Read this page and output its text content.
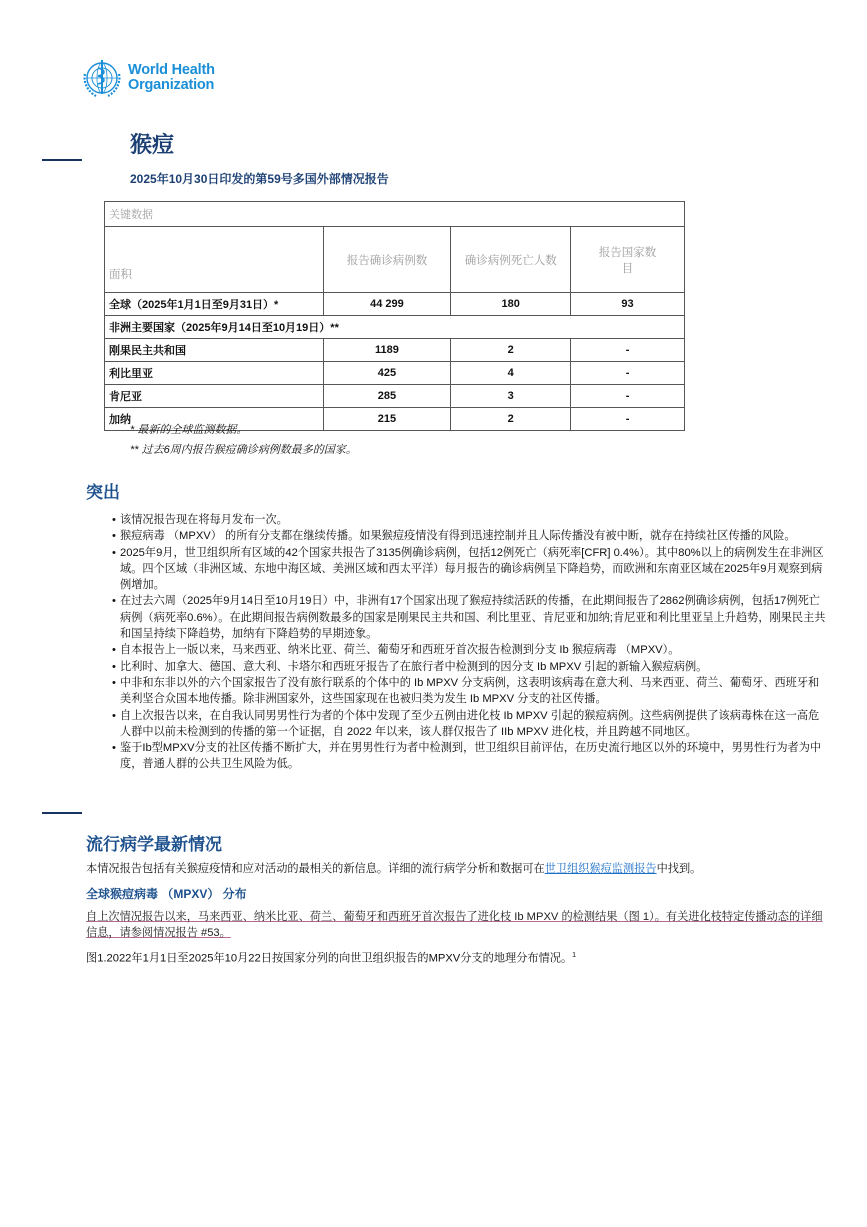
World Health
Organization
猴痘
2025年10月30日印发的第59号多国外部情况报告
关键数据			
面积	报告确诊病例数	确诊病例死亡人数	报告国家数目
全球（2025年1月1日至9月31日）*	44 299	180	93
非洲主要国家（2025年9月14日至10月19日）**			
刚果民主共和国	1189	2	-
利比里亚	425	4	-
肯尼亚	285	3	-
加纳	215	2	-
* 最新的全球监测数据。
** 过去6周内报告猴痘确诊病例数最多的国家。
突出
• 该情况报告现在将每月发布一次。
• 猴痘病毒 （MPXV） 的所有分支都在继续传播。如果猴痘疫情没有得到迅速控制并且人际传播没有被中断，就存在持续社区传播的风险。
• 2025年9月，世卫组织所有区域的42个国家共报告了3135例确诊病例，包括12例死亡（病死率[CFR] 0.4%）。其中80%以上的病例发生在非洲区域。四个区域（非洲区域、东地中海区域、美洲区域和西太平洋）每月报告的确诊病例呈下降趋势，而欧洲和东南亚区域在2025年9月观察到病例增加。
• 在过去六周（2025年9月14日至10月19日）中，非洲有17个国家出现了猴痘持续活跃的传播，在此期间报告了2862例确诊病例，包括17例死亡病例（病死率0.6%）。在此期间报告病例数最多的国家是刚果民主共和国、利比里亚、肯尼亚和加纳;肯尼亚和利比里亚呈上升趋势，刚果民主共和国呈持续下降趋势，加纳有下降趋势的早期迹象。
• 自本报告上一版以来，马来西亚、纳米比亚、荷兰、葡萄牙和西班牙首次报告检测到分支 Ib 猴痘病毒 （MPXV）。
• 比利时、加拿大、德国、意大利、卡塔尔和西班牙报告了在旅行者中检测到的因分支 Ib MPXV 引起的新输入猴痘病例。
• 中非和东非以外的六个国家报告了没有旅行联系的个体中的 Ib MPXV 分支病例，这表明该病毒在意大利、马来西亚、荷兰、葡萄牙、西班牙和美利坚合众国本地传播。除非洲国家外，这些国家现在也被归类为发生 Ib MPXV 分支的社区传播。
• 自上次报告以来，在自我认同男男性行为者的个体中发现了至少五例由进化枝 Ib MPXV 引起的猴痘病例。这些病例提供了该病毒株在这一高危人群中以前未检测到的传播的第一个证据，自 2022 年以来，该人群仅报告了 IIb MPXV 进化枝，并且跨越不同地区。
• 鉴于Ib型MPXV分支的社区传播不断扩大，并在男男性行为者中检测到，世卫组织目前评估，在历史流行地区以外的环境中，男男性行为者为中度，普通人群的公共卫生风险为低。
流行病学最新情况

本情况报告包括有关猴痘疫情和应对活动的最相关的新信息。详细的流行病学分析和数据可在世卫组织猴痘监测报告中找到。

全球猴痘病毒 （MPXV） 分布

自上次情况报告以来，马来西亚、纳米比亚、荷兰、葡萄牙和西班牙首次报告了进化枝 Ib MPXV 的检测结果（图 1）。有关进化枝特定传播动态的详细信息，请参阅情况报告 #53。

图1.2022年1月1日至2025年10月22日按国家分列的向世卫组织报告的MPXV分支的地理分布情况。$^1$
